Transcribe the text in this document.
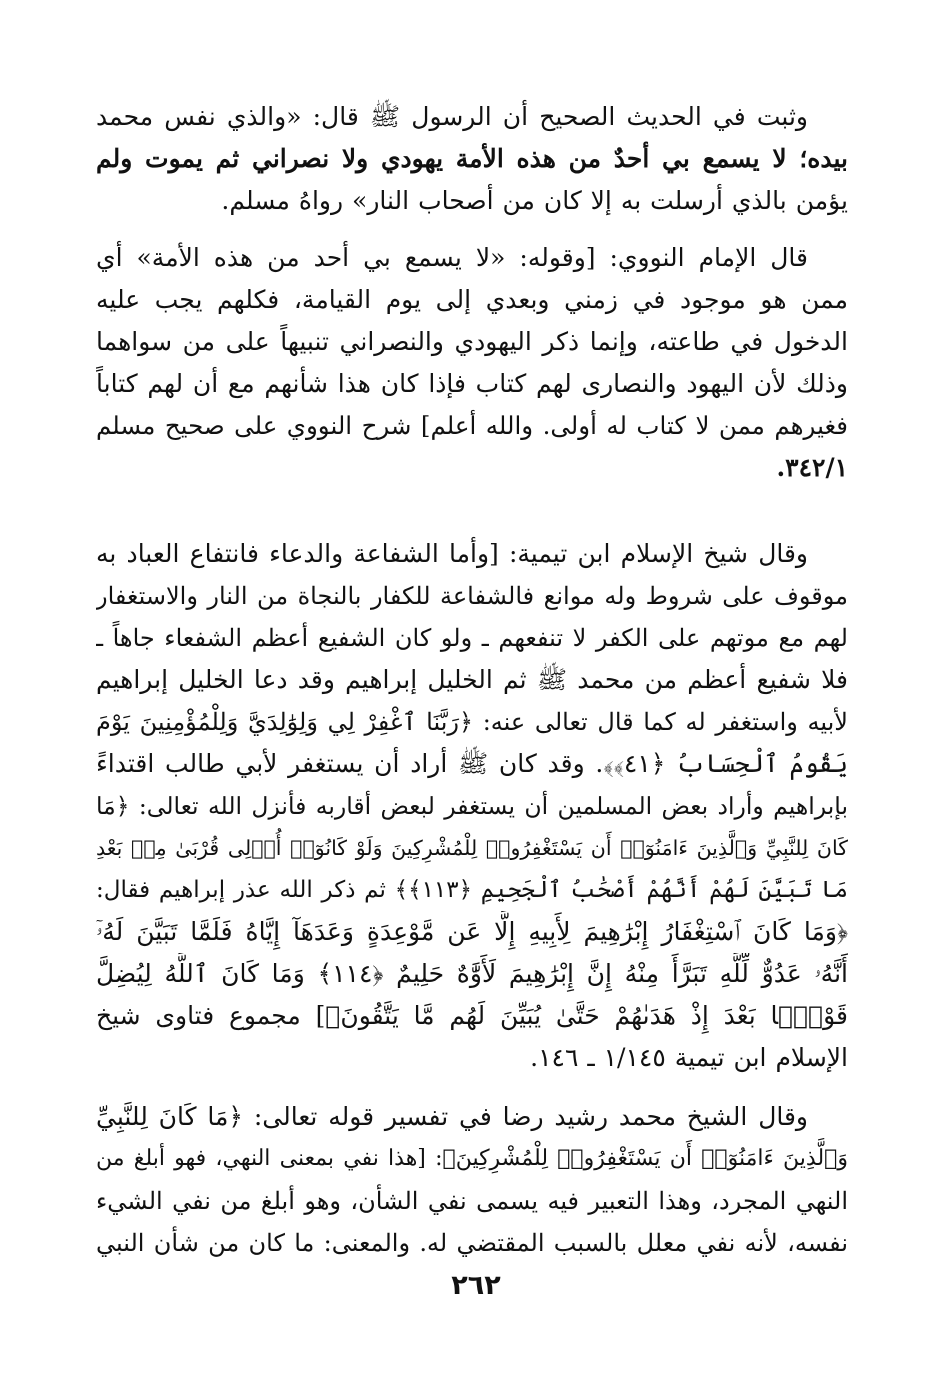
وثبت في الحديث الصحيح أن الرسول ﷺ قال: «والذي نفس محمد
بيده؛ لا يسمع بي أحدٌ من هذه الأمة يهودي ولا نصراني ثم يموت ولم
يؤمن بالذي أرسلت به إلا كان من أصحاب النار» رواهُ مسلم.
قال الإمام النووي: [وقوله: «لا يسمع بي أحد من هذه الأمة» أي
ممن هو موجود في زمني وبعدي إلى يوم القيامة، فكلهم يجب عليه
الدخول في طاعته، وإنما ذكر اليهودي والنصراني تنبيهاً على من سواهما
وذلك لأن اليهود والنصارى لهم كتاب فإذا كان هذا شأنهم مع أن لهم كتاباً
فغيرهم ممن لا كتاب له أولى. والله أعلم] شرح النووي على صحيح مسلم
٣٤٢/١.
وقال شيخ الإسلام ابن تيمية: [وأما الشفاعة والدعاء فانتفاع العباد به
موقوف على شروط وله موانع فالشفاعة للكفار بالنجاة من النار والاستغفار
لهم مع موتهم على الكفر لا تنفعهم ـ ولو كان الشفيع أعظم الشفعاء جاهاً ـ
فلا شفيع أعظم من محمد ﷺ ثم الخليل إبراهيم وقد دعا الخليل إبراهيم
لأبيه واستغفر له كما قال تعالى عنه: ﴿رَبَّنَا ٱغْفِرْ لِي وَلِوَٰلِدَيَّ وَلِلْمُؤْمِنِينَ يَوْمَ
يَقُومُ ٱلْحِسَابُ ﴿٤١﴾﴾. وقد كان ﷺ أراد أن يستغفر لأبي طالب اقتداءً
بإبراهيم وأراد بعض المسلمين أن يستغفر لبعض أقاربه فأنزل الله تعالى: ﴿مَا
كَانَ لِلنَّبِيِّ وَٱلَّذِينَ ءَامَنُوٓا۟ أَن يَسْتَغْفِرُوا۟ لِلْمُشْرِكِينَ وَلَوْ كَانُوٓا۟ أُو۟لِى قُرْبَىٰ مِنۢ بَعْدِ
مَا تَبَيَّنَ لَهُمْ أَنَّهُمْ أَصْحَٰبُ ٱلْجَحِيمِ ﴿١١٣﴾﴾ ثم ذكر الله عذر إبراهيم فقال:
﴿وَمَا كَانَ ٱسْتِغْفَارُ إِبْرَٰهِيمَ لِأَبِيهِ إِلَّا عَن مَّوْعِدَةٍ وَعَدَهَآ إِيَّاهُ فَلَمَّا تَبَيَّنَ لَهُۥٓ
أَنَّهُۥ عَدُوٌّ لِّلَّهِ تَبَرَّأَ مِنْهُ إِنَّ إِبْرَٰهِيمَ لَأَوَّٰهٌ حَلِيمٌ ﴿١١٤﴾ وَمَا كَانَ ٱللَّهُ لِيُضِلَّ
قَوْمًۢا بَعْدَ إِذْ هَدَىٰهُمْ حَتَّىٰ يُبَيِّنَ لَهُم مَّا يَتَّقُونَ﴾] مجموع فتاوى شيخ
الإسلام ابن تيمية ١/١٤٥ ـ ١٤٦.
وقال الشيخ محمد رشيد رضا في تفسير قوله تعالى: ﴿مَا كَانَ لِلنَّبِيِّ
وَٱلَّذِينَ ءَامَنُوٓا۟ أَن يَسْتَغْفِرُوا۟ لِلْمُشْرِكِينَ﴾: [هذا نفي بمعنى النهي، فهو أبلغ من
النهي المجرد، وهذا التعبير فيه يسمى نفي الشأن، وهو أبلغ من نفي الشيء
نفسه، لأنه نفي معلل بالسبب المقتضي له. والمعنى: ما كان من شأن النبي
٢٦٢
